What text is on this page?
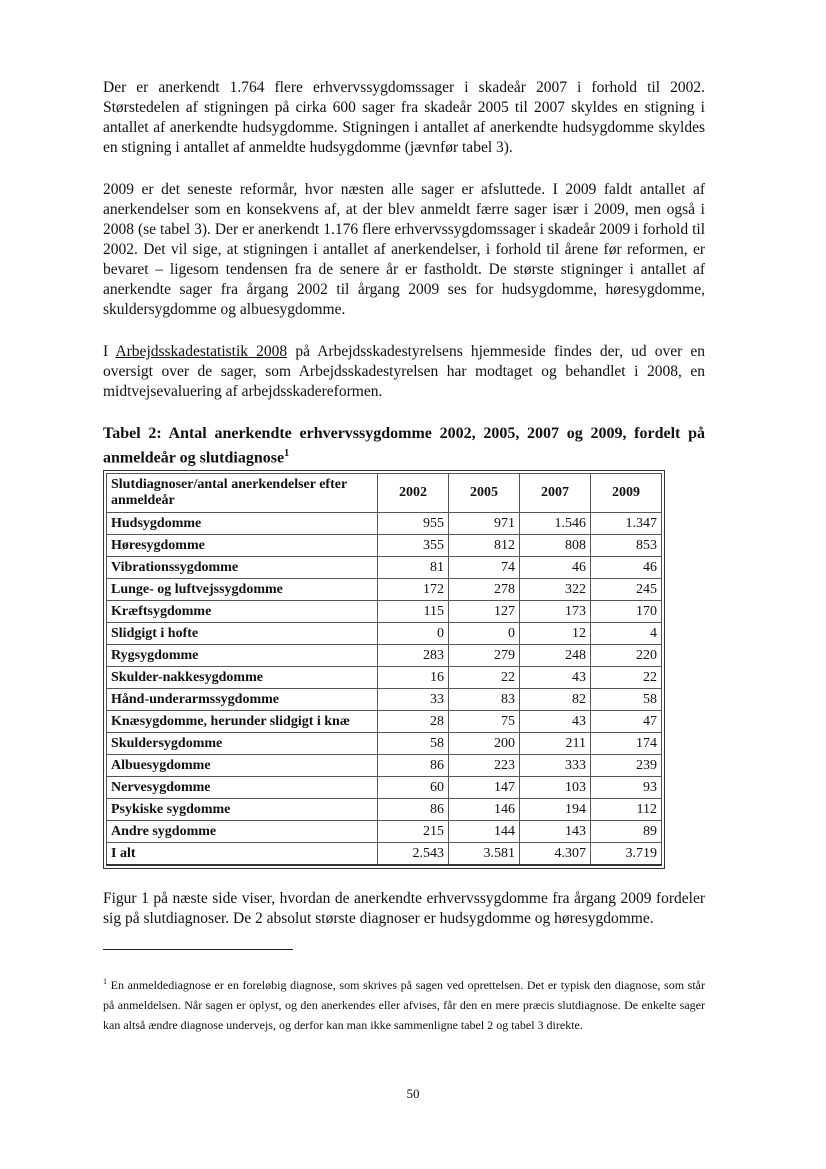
Der er anerkendt 1.764 flere erhvervssygdomssager i skadeår 2007 i forhold til 2002. Størstedelen af stigningen på cirka 600 sager fra skadeår 2005 til 2007 skyldes en stigning i antallet af anerkendte hudsygdomme. Stigningen i antallet af anerkendte hudsygdomme skyldes en stigning i antallet af anmeldte hudsygdomme (jævnfør tabel 3).

2009 er det seneste reformår, hvor næsten alle sager er afsluttede. I 2009 faldt antallet af anerkendelser som en konsekvens af, at der blev anmeldt færre sager især i 2009, men også i 2008 (se tabel 3). Der er anerkendt 1.176 flere erhvervssygdomssager i skadeår 2009 i forhold til 2002. Det vil sige, at stigningen i antallet af anerkendelser, i forhold til årene før reformen, er bevaret – ligesom tendensen fra de senere år er fastholdt. De største stigninger i antallet af anerkendte sager fra årgang 2002 til årgang 2009 ses for hudsygdomme, høresygdomme, skuldersygdomme og albuesygdomme.

I Arbejdsskadestatistik 2008 på Arbejdsskadestyrelsens hjemmeside findes der, ud over en oversigt over de sager, som Arbejdsskadestyrelsen har modtaget og behandlet i 2008, en midtvejsevaluering af arbejdsskadereformen.

Tabel 2: Antal anerkendte erhvervssygdomme 2002, 2005, 2007 og 2009, fordelt på anmeldeår og slutdiagnose$^1$

Slutdiagnoser/antal anerkendelser efter anmeldeår	2002	2005	2007	2009
Hudsygdomme	955	971	1.546	1.347
Høresygdomme	355	812	808	853
Vibrationssygdomme	81	74	46	46
Lunge- og luftvejssygdomme	172	278	322	245
Kræftsygdomme	115	127	173	170
Slidgigt i hofte	0	0	12	4
Rygsygdomme	283	279	248	220
Skulder-nakkesygdomme	16	22	43	22
Hånd-underarmssygdomme	33	83	82	58
Knæsygdomme, herunder slidgigt i knæ	28	75	43	47
Skuldersygdomme	58	200	211	174
Albuesygdomme	86	223	333	239
Nervesygdomme	60	147	103	93
Psykiske sygdomme	86	146	194	112
Andre sygdomme	215	144	143	89
I alt	2.543	3.581	4.307	3.719

Figur 1 på næste side viser, hvordan de anerkendte erhvervssygdomme fra årgang 2009 fordeler sig på slutdiagnoser. De 2 absolut største diagnoser er hudsygdomme og høresygdomme.

$^1$ En anmeldediagnose er en foreløbig diagnose, som skrives på sagen ved oprettelsen. Det er typisk den diagnose, som står på anmeldelsen. Når sagen er oplyst, og den anerkendes eller afvises, får den en mere præcis slutdiagnose. De enkelte sager kan altså ændre diagnose undervejs, og derfor kan man ikke sammenligne tabel 2 og tabel 3 direkte.

50
